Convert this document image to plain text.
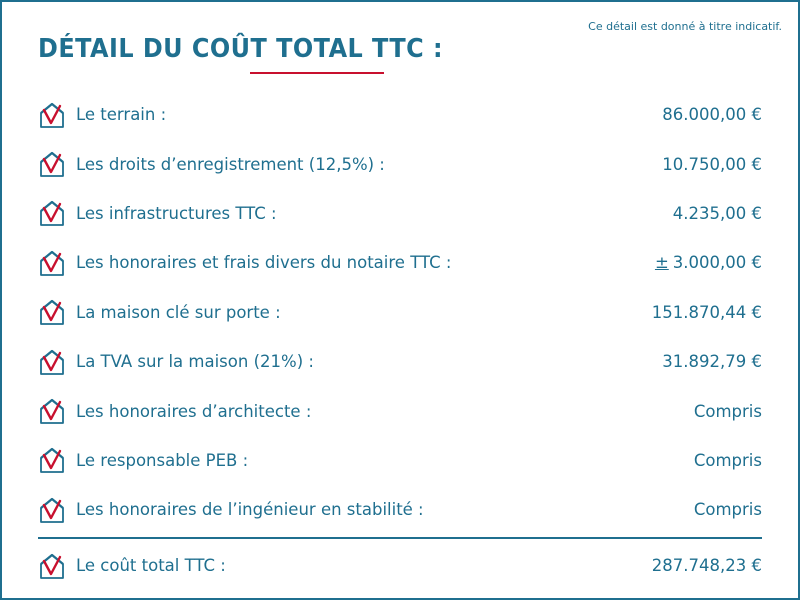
Ce détail est donné à titre indicatif.
DÉTAIL DU COÛT TOTAL TTC :
Le terrain :	86.000,00 €
Les droits d’enregistrement (12,5%) :	10.750,00 €
Les infrastructures TTC :	4.235,00 €
Les honoraires et frais divers du notaire TTC :	± 3.000,00 €
La maison clé sur porte :	151.870,44 €
La TVA sur la maison (21%) :	31.892,79 €
Les honoraires d’architecte :	Compris
Le responsable PEB :	Compris
Les honoraires de l’ingénieur en stabilité :	Compris
Le coût total TTC :	287.748,23 €
